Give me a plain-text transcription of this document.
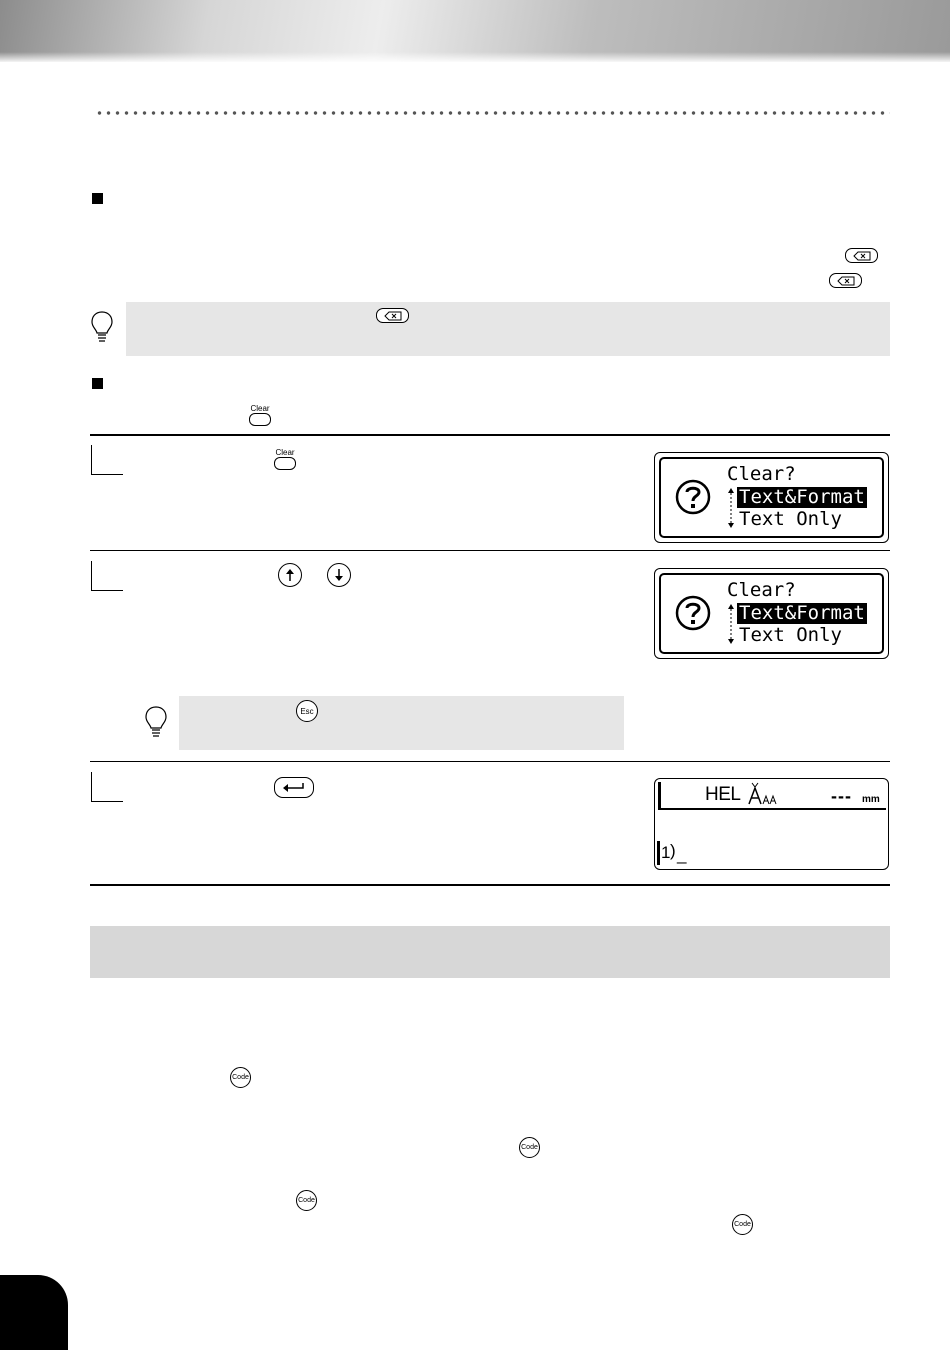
Clear
Clear
Clear?
Text&Format
Text Only
Clear?
Text&Format
Text Only
Esc
HEL	--- mm
1 ) _
Code
Code
Code
Code
